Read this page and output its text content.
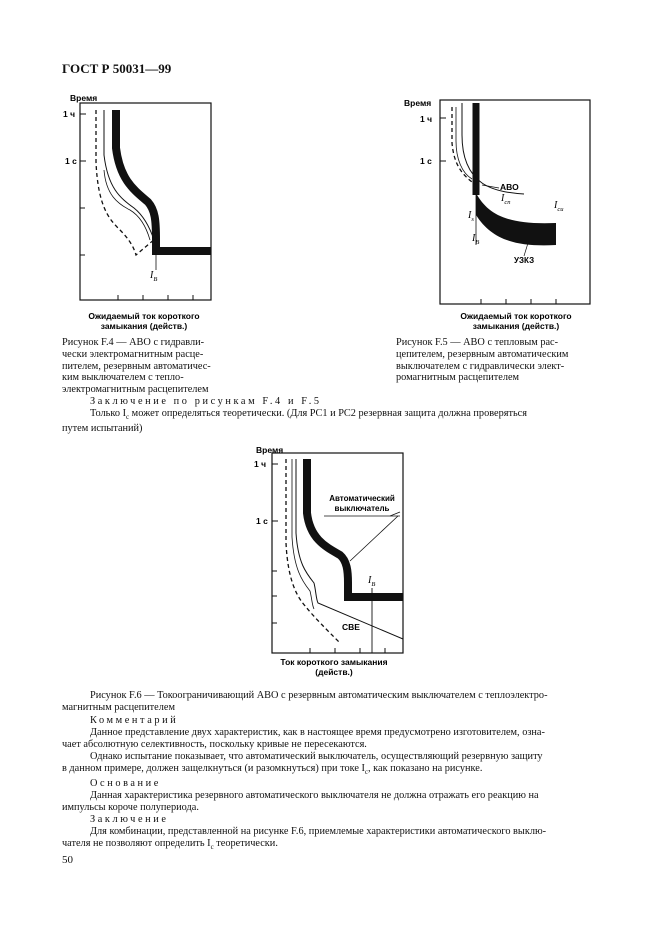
ГОСТ Р 50031—99
Время
1 ч
1 с
$I_B$
Ожидаемый ток короткого
замыкания (действ.)
Рисунок F.4 — АВО с гидравли-
чески электромагнитным расце-
пителем, резервным автоматичес-
ким выключателем с тепло-
электромагнитным расцепителем
Время
1 ч
1 с
АВО
$I_{cn}$	$I_{cu}$
$I_s$
$I_B$
УЗКЗ
Ожидаемый ток короткого
замыкания (действ.)
Рисунок F.5 — АВО с тепловым рас-
цепителем, резервным автоматическим
выключателем с гидравлически элект-
ромагнитным расцепителем
Заключение по рисункам F.4 и F.5
Только $I_c$ может определяться теоретически. (Для PC1 и PC2 резервная защита должна проверяться
путем испытаний)
Время
1 ч
1 с
$I_B$
Автоматический
выключатель
СВЕ
Ток короткого замыкания
(действ.)
Рисунок F.6 — Токоограничивающий АВО с резервным автоматическим выключателем с теплоэлектро-
магнитным расцепителем
Комментарий
Данное представление двух характеристик, как в настоящее время предусмотрено изготовителем, озна-
чает абсолютную селективность, поскольку кривые не пересекаются.
Однако испытание показывает, что автоматический выключатель, осуществляющий резервную защиту
в данном примере, должен защелкнуться (и разомкнуться) при токе $I_c$, как показано на рисунке.
Основание
Данная характеристика резервного автоматического выключателя не должна отражать его реакцию на
импульсы короче полупериода.
Заключение
Для комбинации, представленной на рисунке F.6, приемлемые характеристики автоматического выклю-
чателя не позволяют определить $I_c$ теоретически.
50
